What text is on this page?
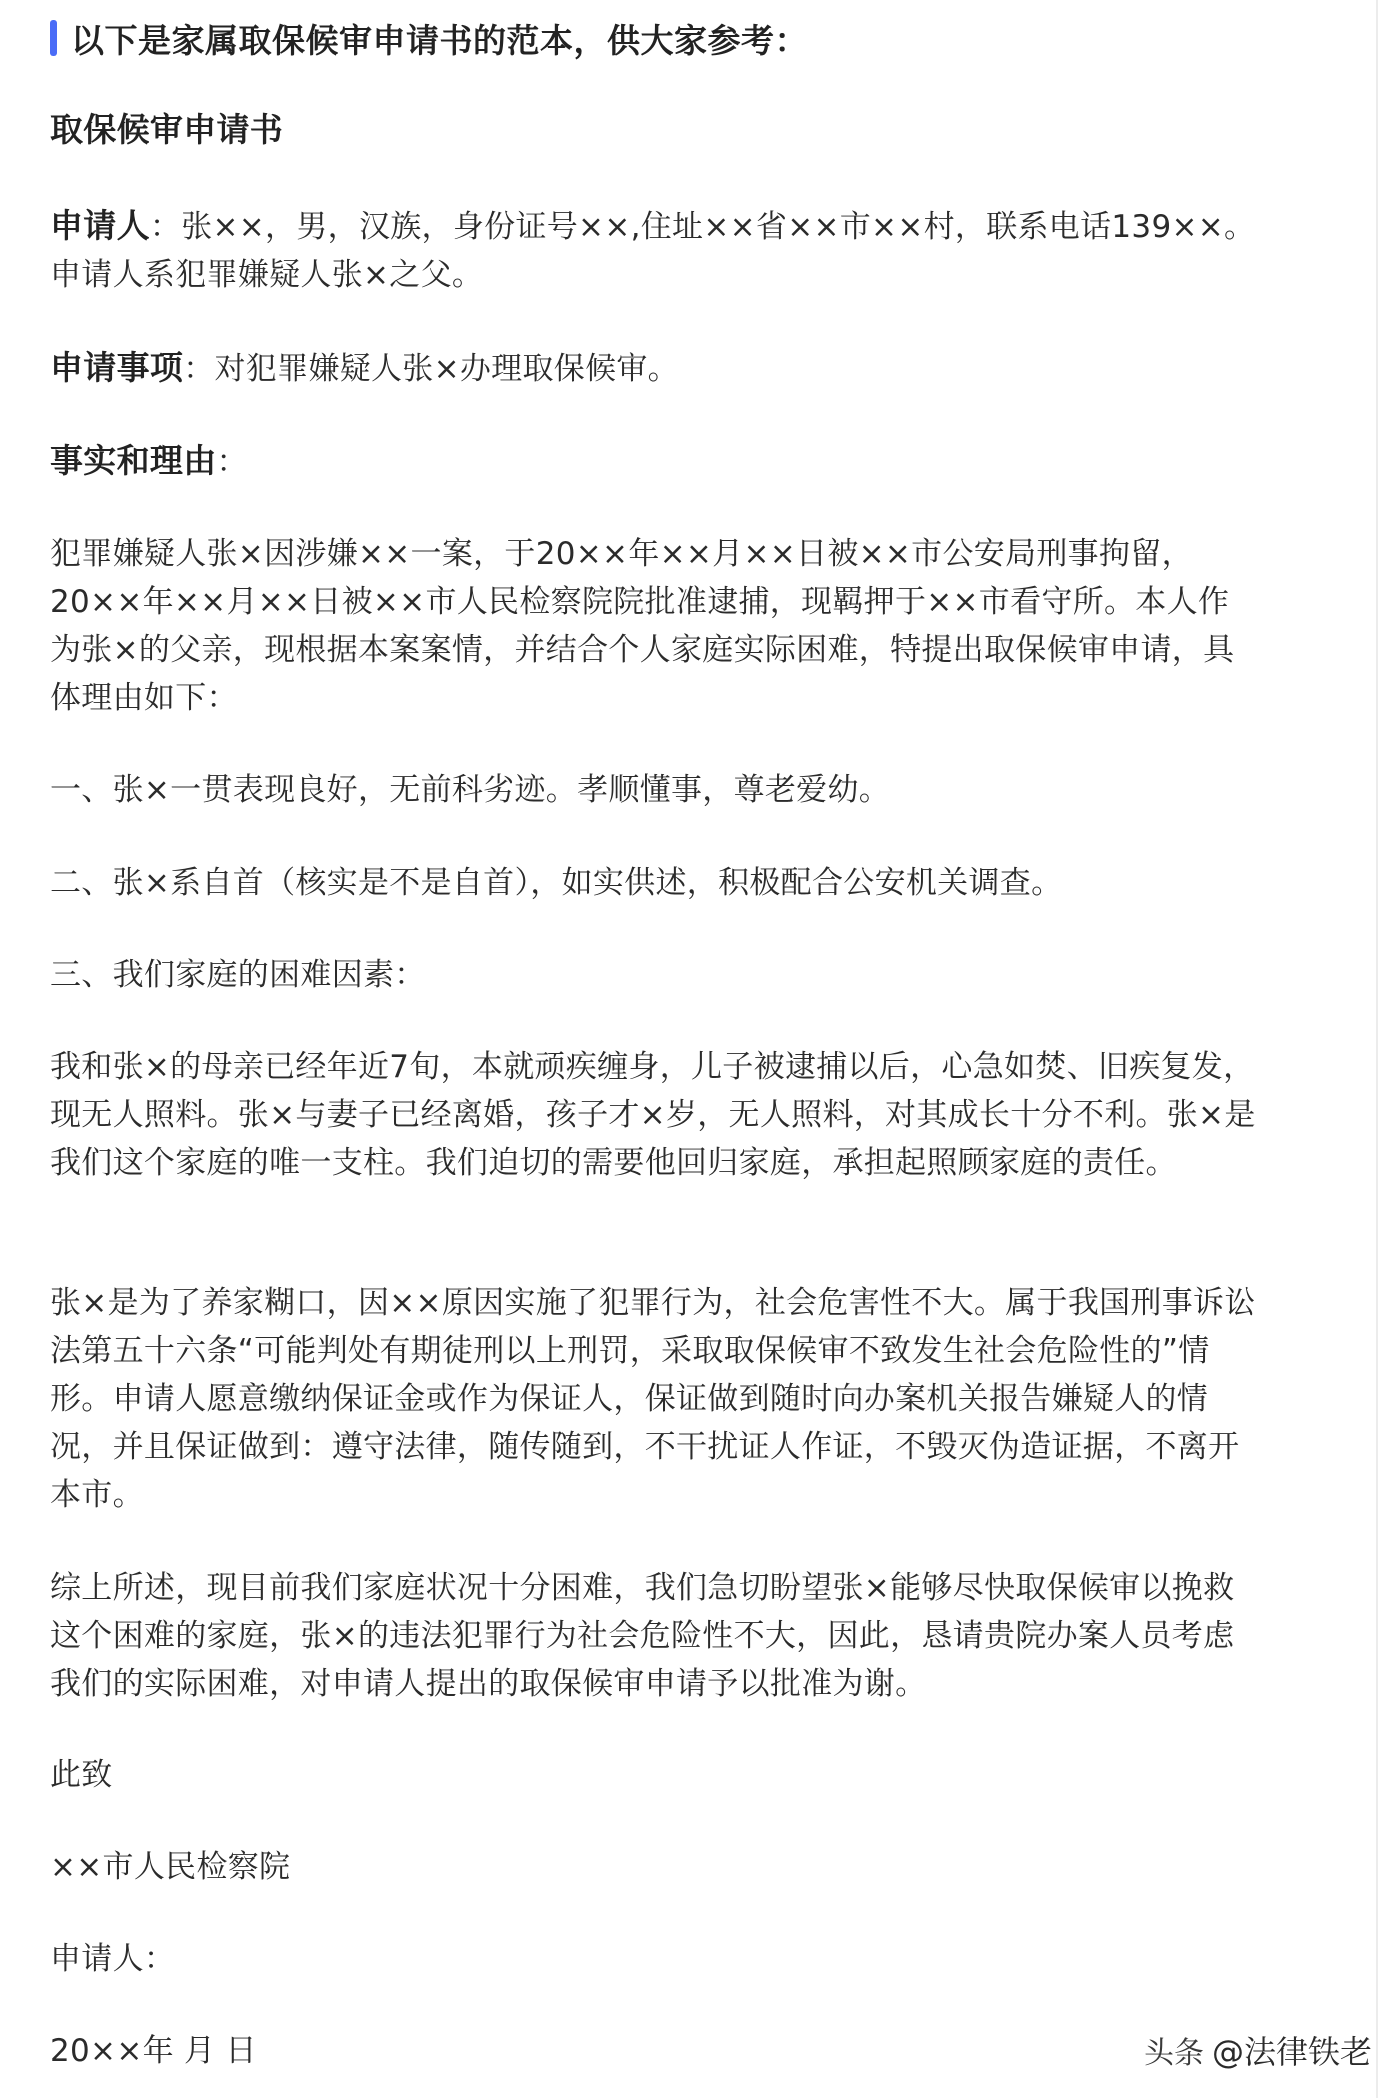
以下是家属取保候审申请书的范本，供大家参考：
取保候审申请书
申请人：张××，男，汉族，身份证号××,住址××省××市××村，联系电话139××。申请人系犯罪嫌疑人张×之父。
申请事项：对犯罪嫌疑人张×办理取保候审。
事实和理由：
犯罪嫌疑人张×因涉嫌××一案，于20××年××月××日被××市公安局刑事拘留，20××年××月××日被××市人民检察院院批准逮捕，现羁押于××市看守所。本人作为张×的父亲，现根据本案案情，并结合个人家庭实际困难，特提出取保候审申请，具体理由如下：
一、张×一贯表现良好，无前科劣迹。孝顺懂事，尊老爱幼。
二、张×系自首（核实是不是自首），如实供述，积极配合公安机关调查。
三、我们家庭的困难因素：
我和张×的母亲已经年近7旬，本就顽疾缠身，儿子被逮捕以后，心急如焚、旧疾复发，现无人照料。张×与妻子已经离婚，孩子才×岁，无人照料，对其成长十分不利。张×是我们这个家庭的唯一支柱。我们迫切的需要他回归家庭，承担起照顾家庭的责任。
张×是为了养家糊口，因××原因实施了犯罪行为，社会危害性不大。属于我国刑事诉讼法第五十六条“可能判处有期徒刑以上刑罚，采取取保候审不致发生社会危险性的”情形。申请人愿意缴纳保证金或作为保证人，保证做到随时向办案机关报告嫌疑人的情况，并且保证做到：遵守法律，随传随到，不干扰证人作证，不毁灭伪造证据，不离开本市。
综上所述，现目前我们家庭状况十分困难，我们急切盼望张×能够尽快取保候审以挽救这个困难的家庭，张×的违法犯罪行为社会危险性不大，因此，恳请贵院办案人员考虑我们的实际困难，对申请人提出的取保候审申请予以批准为谢。
此致
××市人民检察院
申请人：
20××年 月 日	头条 @法律铁老
